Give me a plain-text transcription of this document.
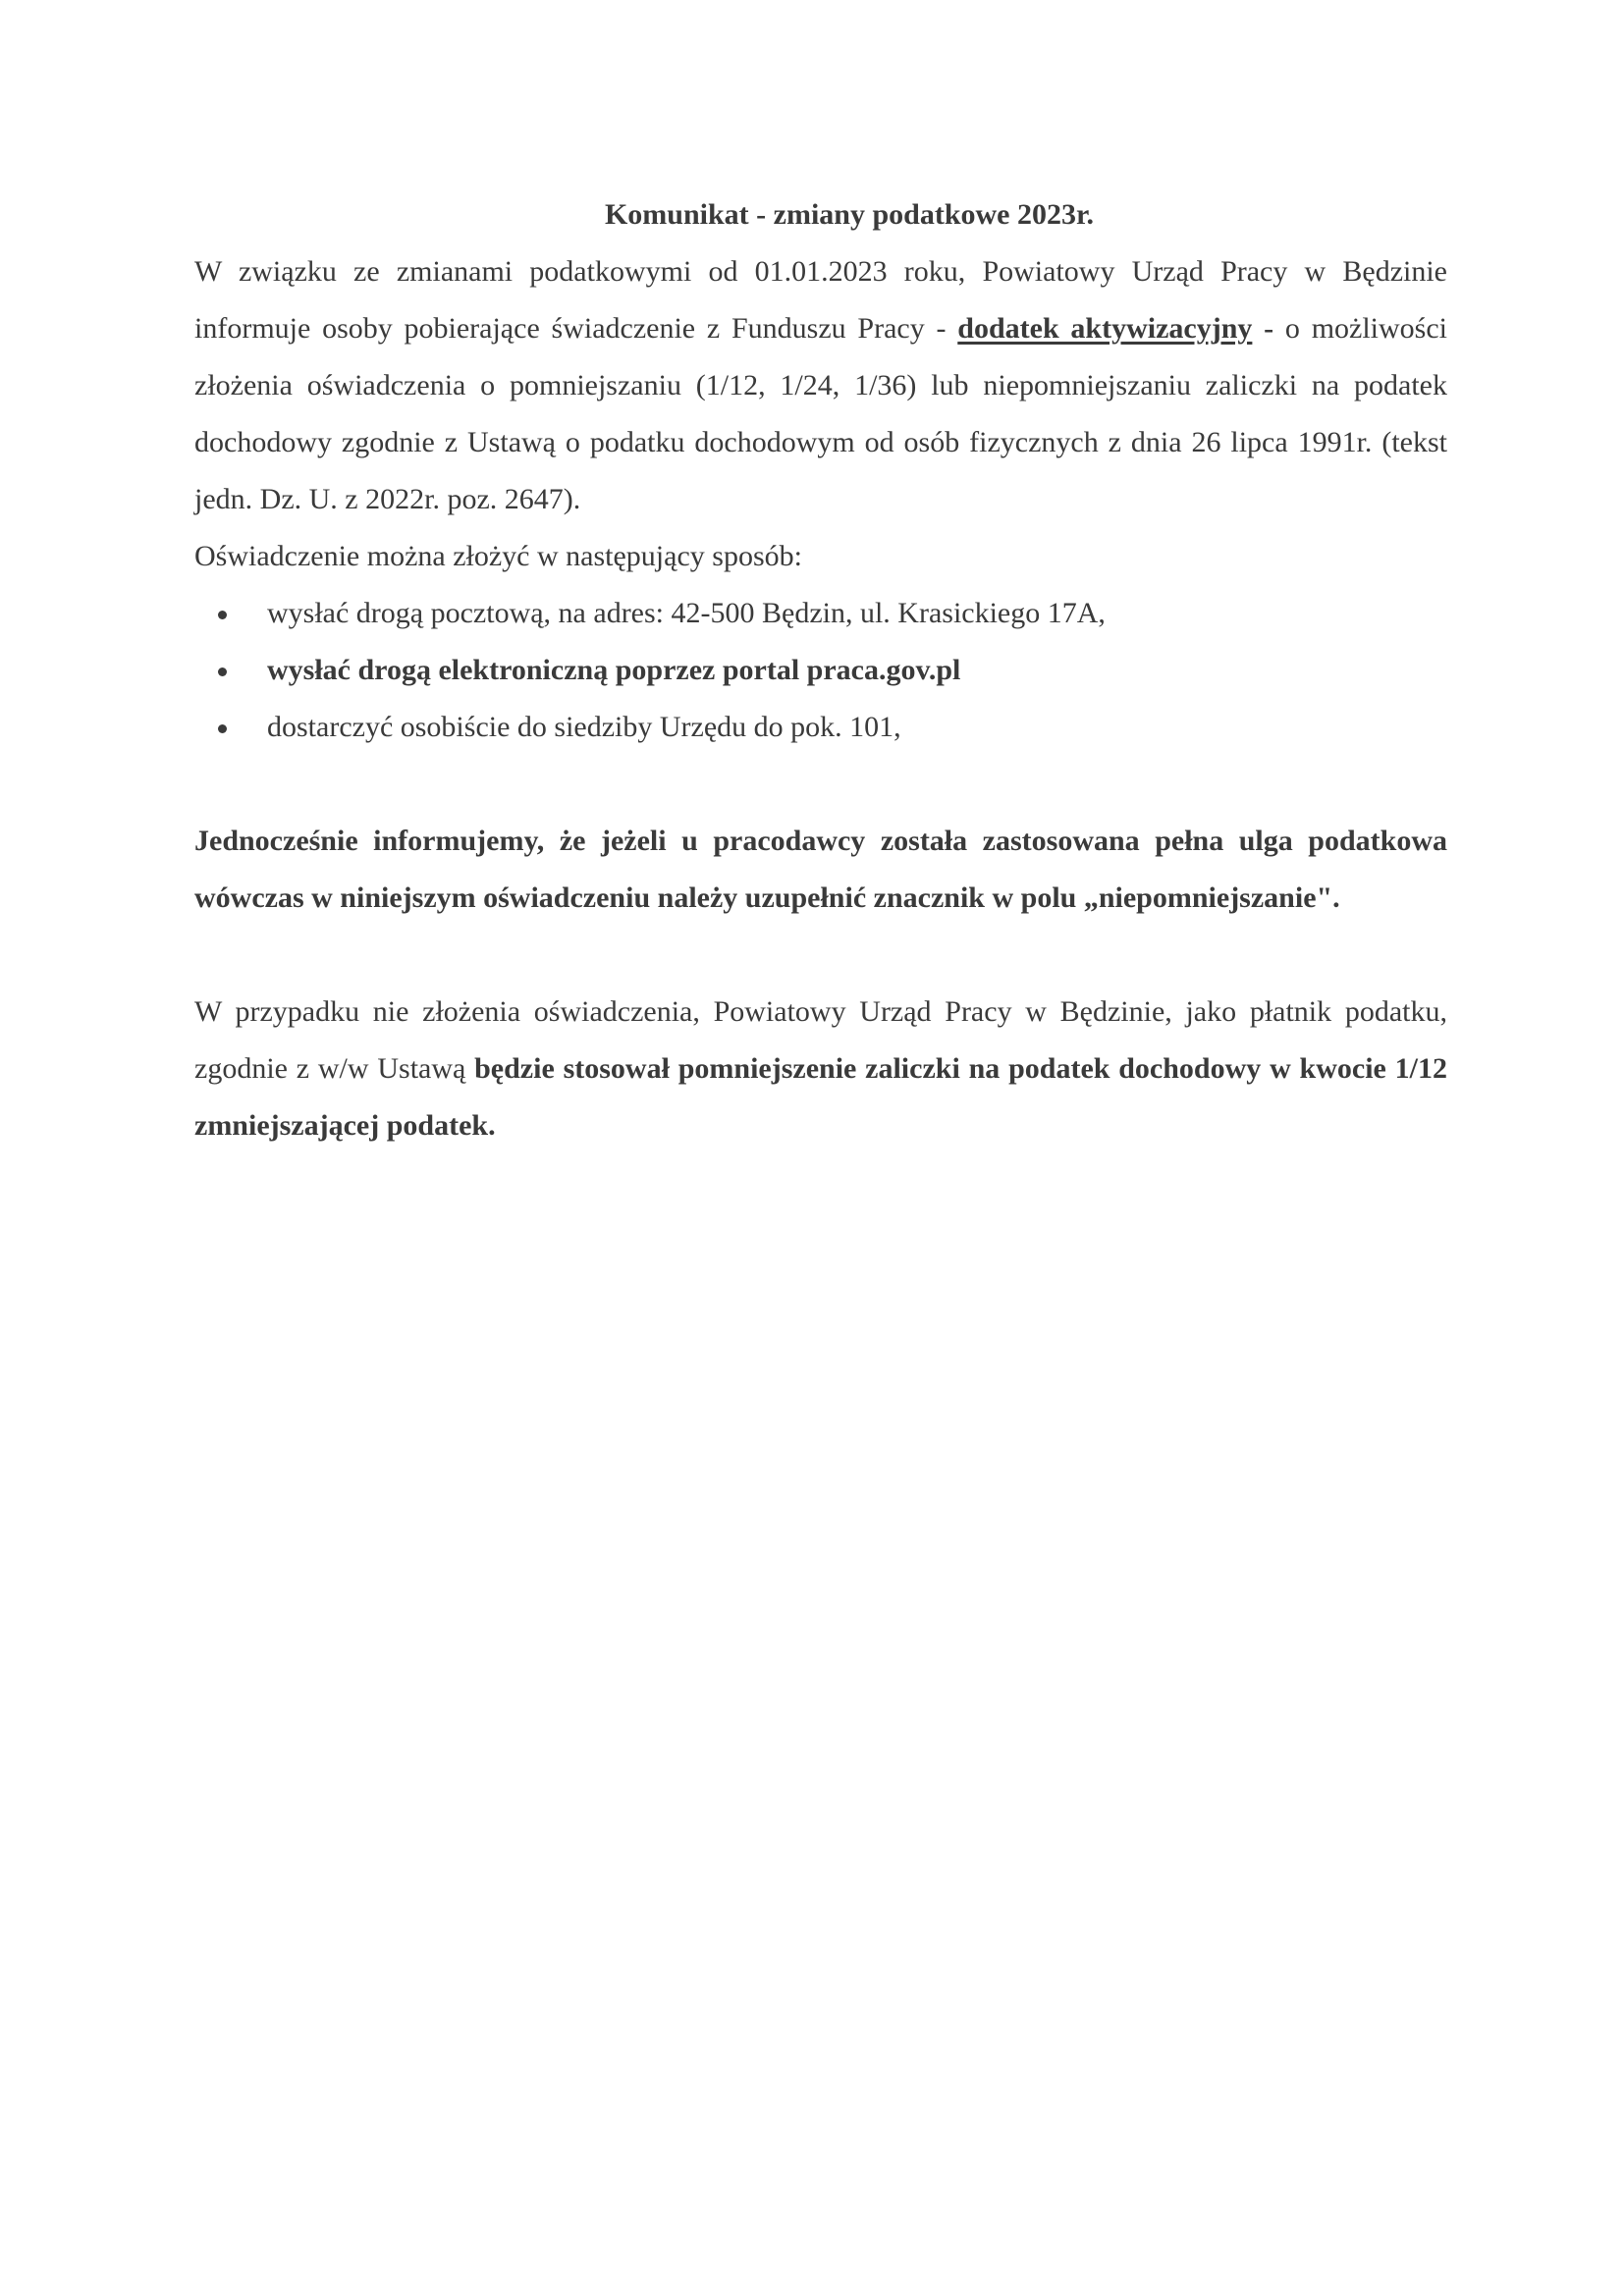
Komunikat - zmiany podatkowe 2023r.

W związku ze zmianami podatkowymi od 01.01.2023 roku, Powiatowy Urząd Pracy w Będzinie informuje osoby pobierające świadczenie z Funduszu Pracy - dodatek aktywizacyjny - o możliwości złożenia oświadczenia o pomniejszaniu (1/12, 1/24, 1/36) lub niepomniejszaniu zaliczki na podatek dochodowy zgodnie z Ustawą o podatku dochodowym od osób fizycznych z dnia 26 lipca 1991r. (tekst jedn. Dz. U. z 2022r. poz. 2647).

Oświadczenie można złożyć w następujący sposób:

wysłać drogą pocztową, na adres: 42-500 Będzin, ul. Krasickiego 17A,
wysłać drogą elektroniczną poprzez portal praca.gov.pl
dostarczyć osobiście do siedziby Urzędu do pok. 101,

Jednocześnie informujemy, że jeżeli u pracodawcy została zastosowana pełna ulga podatkowa wówczas w niniejszym oświadczeniu należy uzupełnić znacznik w polu „niepomniejszanie".

W przypadku nie złożenia oświadczenia, Powiatowy Urząd Pracy w Będzinie, jako płatnik podatku, zgodnie z w/w Ustawą będzie stosował pomniejszenie zaliczki na podatek dochodowy w kwocie 1/12 zmniejszającej podatek.
